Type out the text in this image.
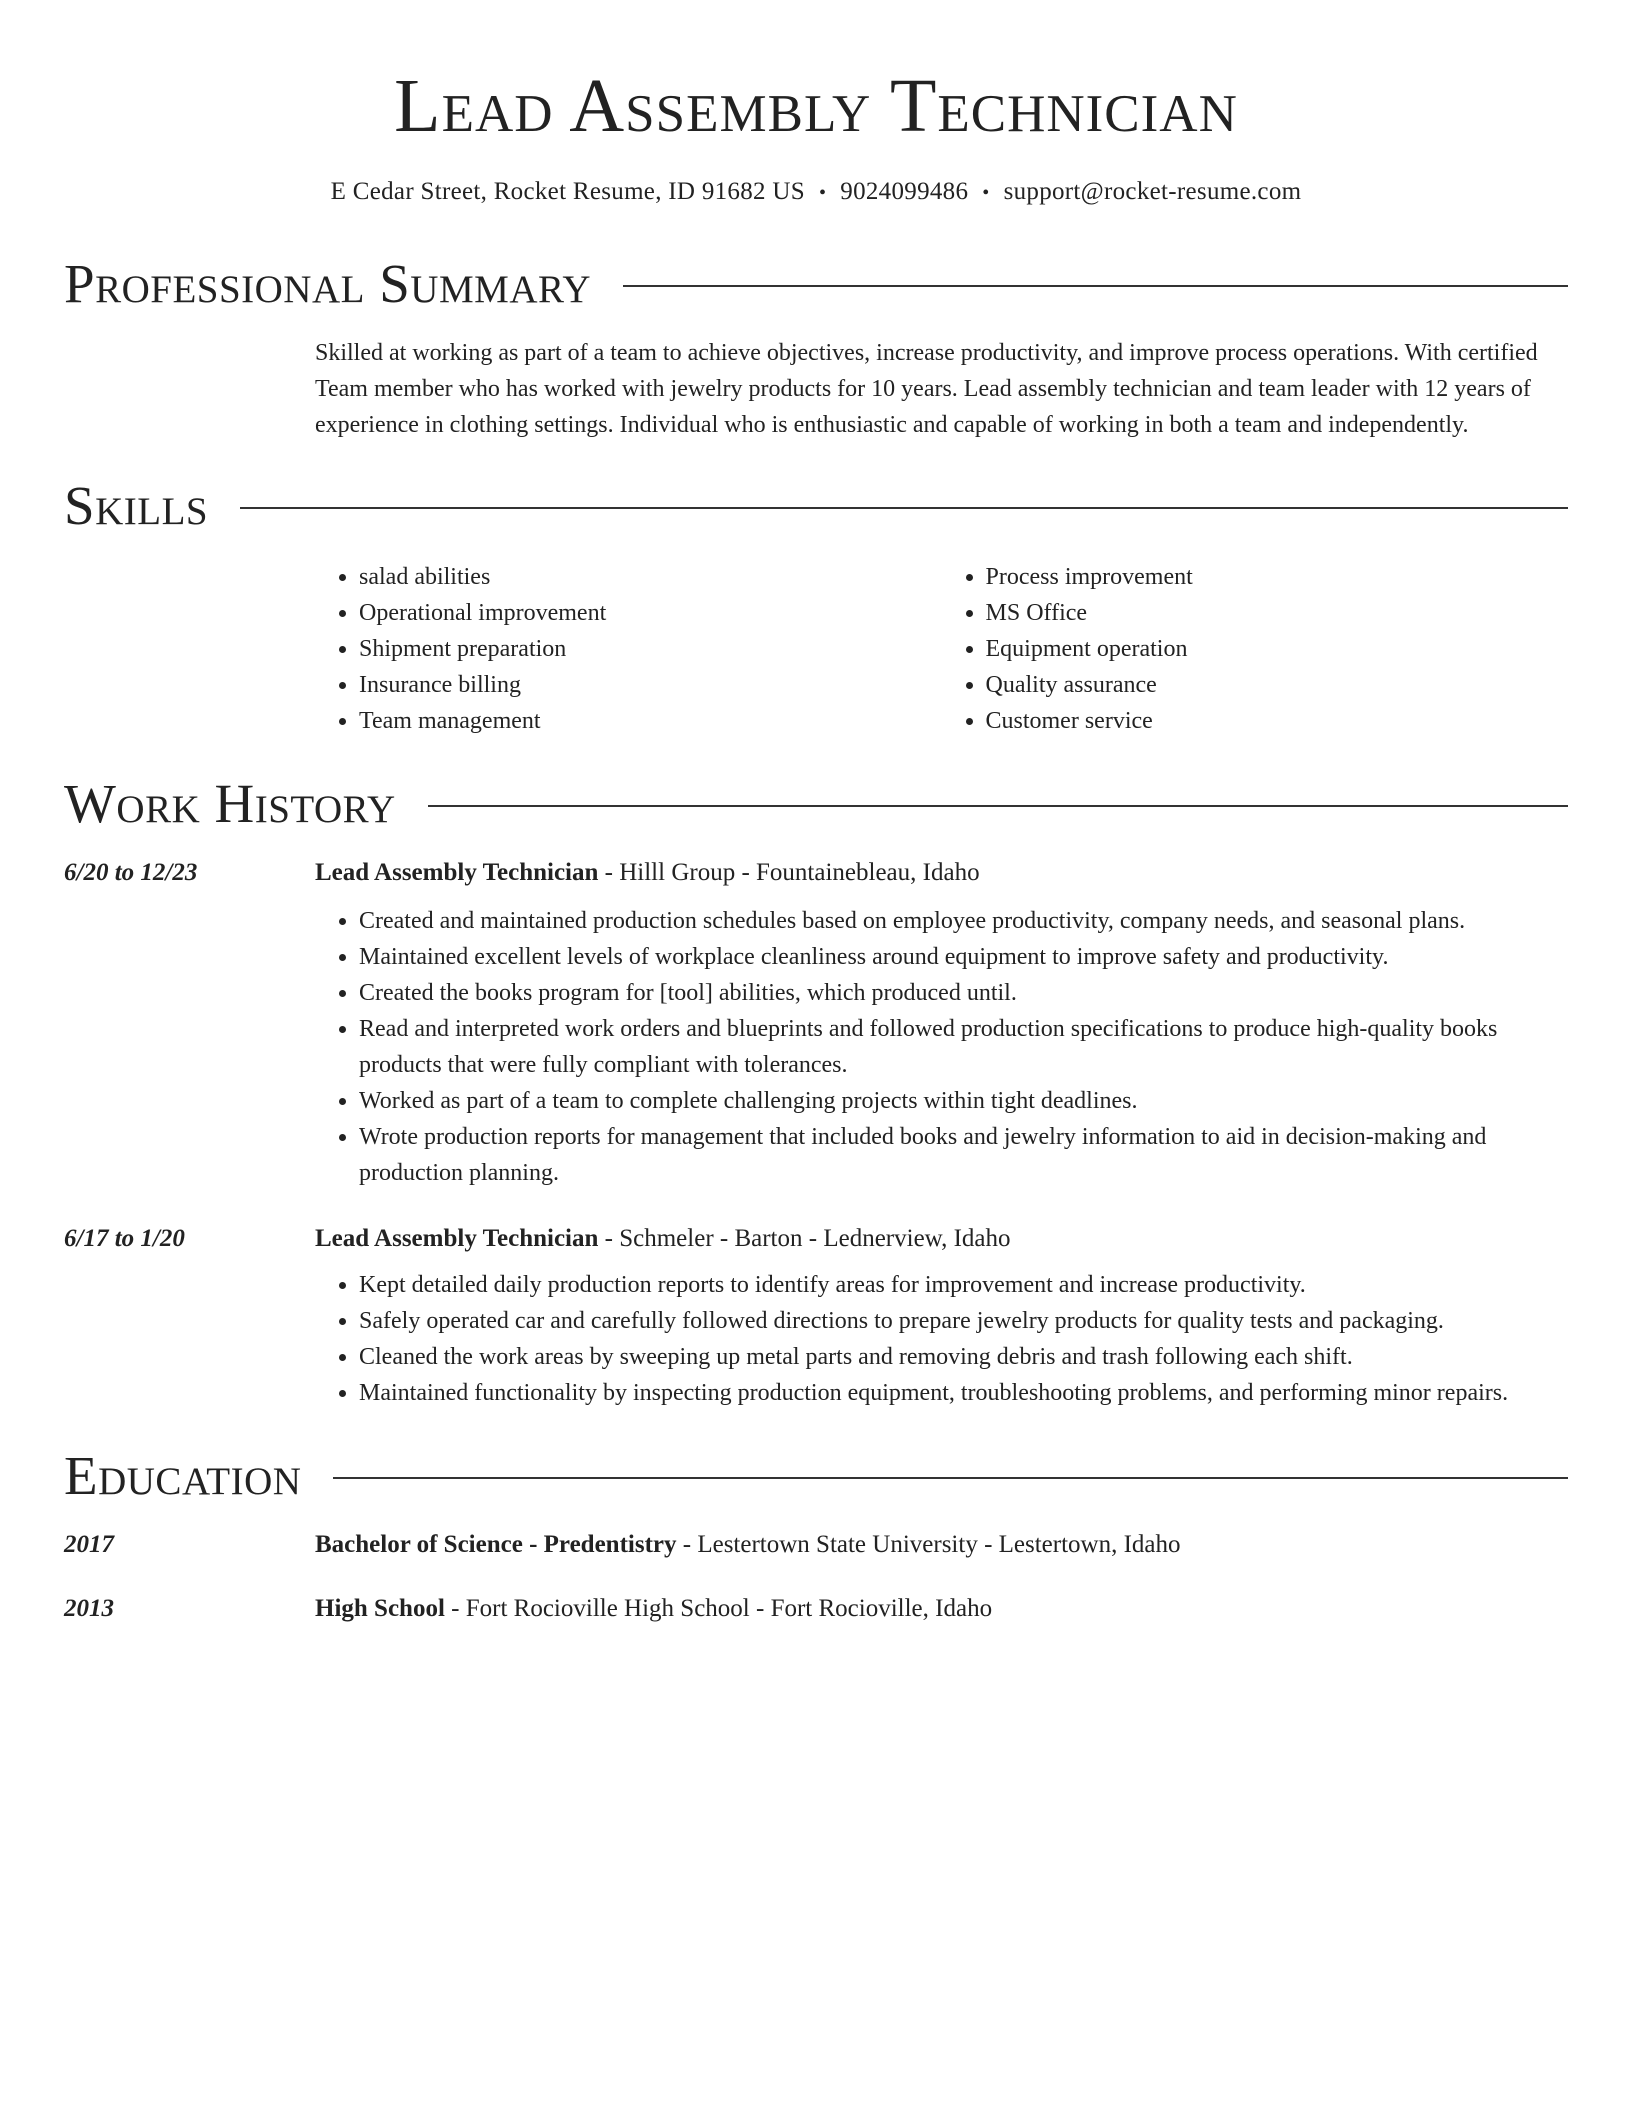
Lead Assembly Technician
E Cedar Street, Rocket Resume, ID 91682 US • 9024099486 • support@rocket-resume.com
Professional Summary

Skilled at working as part of a team to achieve objectives, increase productivity, and improve process operations. With certified Team member who has worked with jewelry products for 10 years. Lead assembly technician and team leader with 12 years of experience in clothing settings. Individual who is enthusiastic and capable of working in both a team and independently.

Skills
• salad abilities
• Operational improvement
• Shipment preparation
• Insurance billing
• Team management
• Process improvement
• MS Office
• Equipment operation
• Quality assurance
• Customer service
Work History
6/20 to 12/23	Lead Assembly Technician - Hilll Group - Fountainebleau, Idaho
• Created and maintained production schedules based on employee productivity, company needs, and seasonal plans.
• Maintained excellent levels of workplace cleanliness around equipment to improve safety and productivity.
• Created the books program for [tool] abilities, which produced until.
• Read and interpreted work orders and blueprints and followed production specifications to produce high-quality books products that were fully compliant with tolerances.
• Worked as part of a team to complete challenging projects within tight deadlines.
• Wrote production reports for management that included books and jewelry information to aid in decision-making and production planning.
6/17 to 1/20	Lead Assembly Technician - Schmeler - Barton - Lednerview, Idaho
• Kept detailed daily production reports to identify areas for improvement and increase productivity.
• Safely operated car and carefully followed directions to prepare jewelry products for quality tests and packaging.
• Cleaned the work areas by sweeping up metal parts and removing debris and trash following each shift.
• Maintained functionality by inspecting production equipment, troubleshooting problems, and performing minor repairs.
Education
2017	Bachelor of Science - Predentistry - Lestertown State University - Lestertown, Idaho
2013	High School - Fort Rocioville High School - Fort Rocioville, Idaho
